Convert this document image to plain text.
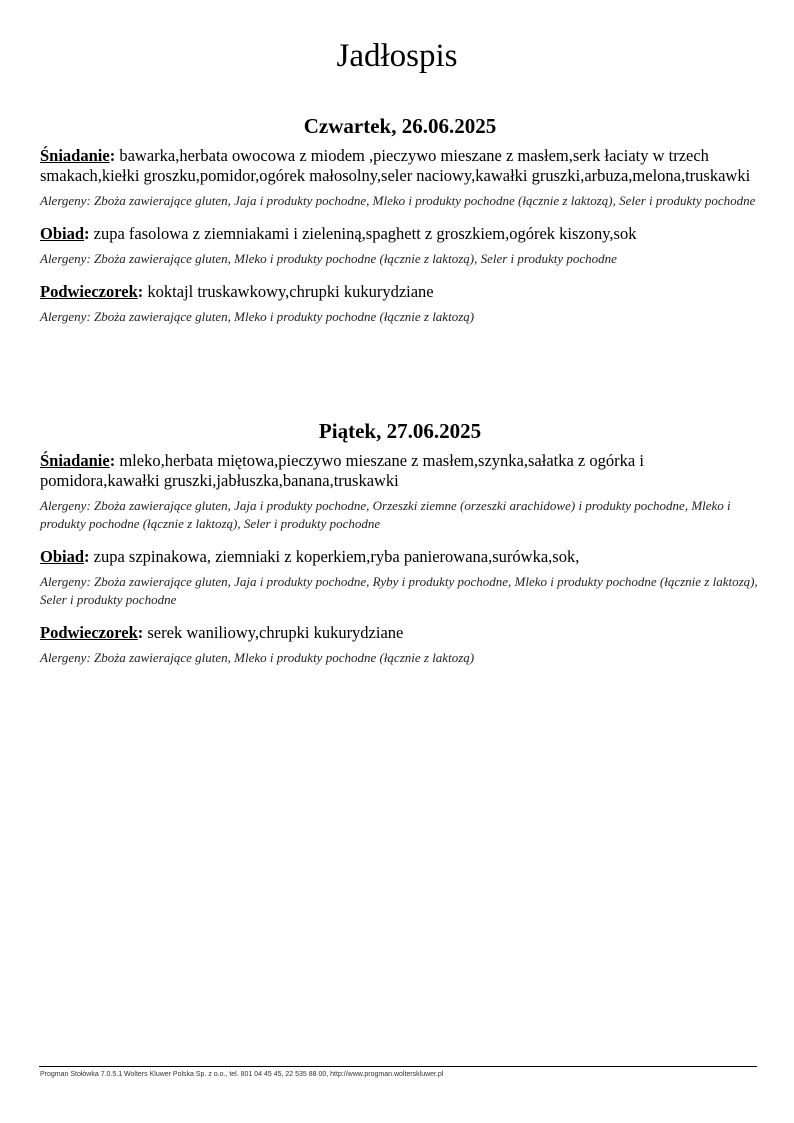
Jadłospis
Czwartek, 26.06.2025

Śniadanie: bawarka,herbata owocowa z miodem ,pieczywo mieszane z masłem,serk łaciaty w trzech smakach,kiełki groszku,pomidor,ogórek małosolny,seler naciowy,kawałki gruszki,arbuza,melona,truskawki

Alergeny: Zboża zawierające gluten, Jaja i produkty pochodne, Mleko i produkty pochodne (łącznie z laktozą), Seler i produkty pochodne

Obiad: zupa fasolowa z ziemniakami i zieleniną,spaghett z groszkiem,ogórek kiszony,sok

Alergeny: Zboża zawierające gluten, Mleko i produkty pochodne (łącznie z laktozą), Seler i produkty pochodne

Podwieczorek: koktajl truskawkowy,chrupki kukurydziane

Alergeny: Zboża zawierające gluten, Mleko i produkty pochodne (łącznie z laktozą)

Piątek, 27.06.2025

Śniadanie: mleko,herbata miętowa,pieczywo mieszane z masłem,szynka,sałatka z ogórka i pomidora,kawałki gruszki,jabłuszka,banana,truskawki

Alergeny: Zboża zawierające gluten, Jaja i produkty pochodne, Orzeszki ziemne (orzeszki arachidowe) i produkty pochodne, Mleko i produkty pochodne (łącznie z laktozą), Seler i produkty pochodne

Obiad: zupa szpinakowa, ziemniaki z koperkiem,ryba panierowana,surówka,sok,

Alergeny: Zboża zawierające gluten, Jaja i produkty pochodne, Ryby i produkty pochodne, Mleko i produkty pochodne (łącznie z laktozą), Seler i produkty pochodne

Podwieczorek: serek waniliowy,chrupki kukurydziane

Alergeny: Zboża zawierające gluten, Mleko i produkty pochodne (łącznie z laktozą)

Progman Stołówka 7.0.5.1 Wolters Kluwer Polska Sp. z o.o., tel. 801 04 45 45, 22 535 88 00, http://www.progman.wolterskluwer.pl
